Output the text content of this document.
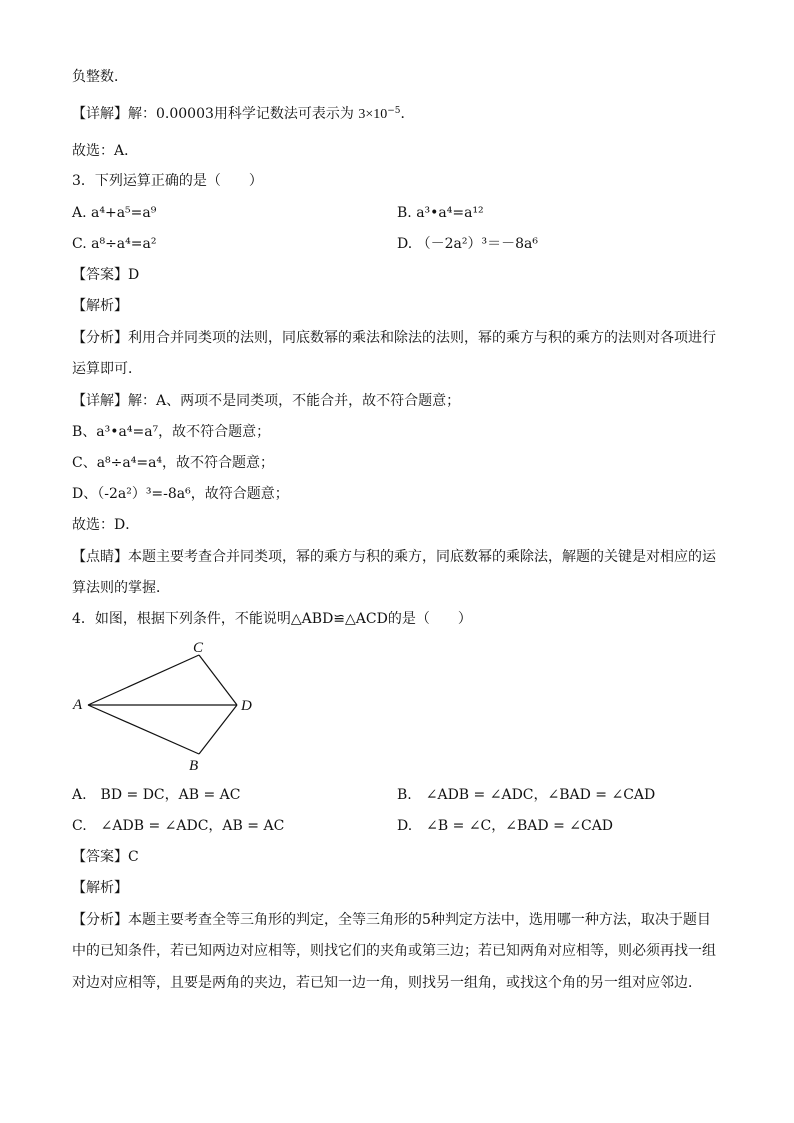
负整数．
【详解】解：0.00003用科学记数法可表示为 $3\times 10^{-5}$．
故选：A．
3．下列运算正确的是（　　）
A. a⁴+a⁵=a⁹	B. a³•a⁴=a¹²
C. a⁸÷a⁴=a²	D. （－2a²）³＝－8a⁶
【答案】D
【解析】
【分析】利用合并同类项的法则，同底数幂的乘法和除法的法则，幂的乘方与积的乘方的法则对各项进行
运算即可．
【详解】解：A、两项不是同类项，不能合并，故不符合题意；
B、a³•a⁴=a⁷，故不符合题意；
C、a⁸÷a⁴=a⁴，故不符合题意；
D、（-2a²）³=-8a⁶，故符合题意；
故选：D．
【点睛】本题主要考查合并同类项，幂的乘方与积的乘方，同底数幂的乘除法，解题的关键是对相应的运
算法则的掌握．
4．如图，根据下列条件，不能说明△ABD≌△ACD的是（　　）
C
A	D
B
A.　BD = DC，AB = AC	B.　∠ADB = ∠ADC，∠BAD = ∠CAD
C.　∠ADB = ∠ADC，AB = AC	D.　∠B = ∠C，∠BAD = ∠CAD
【答案】C
【解析】
【分析】本题主要考查全等三角形的判定，全等三角形的5种判定方法中，选用哪一种方法，取决于题目
中的已知条件，若已知两边对应相等，则找它们的夹角或第三边；若已知两角对应相等，则必须再找一组
对边对应相等，且要是两角的夹边，若已知一边一角，则找另一组角，或找这个角的另一组对应邻边．
